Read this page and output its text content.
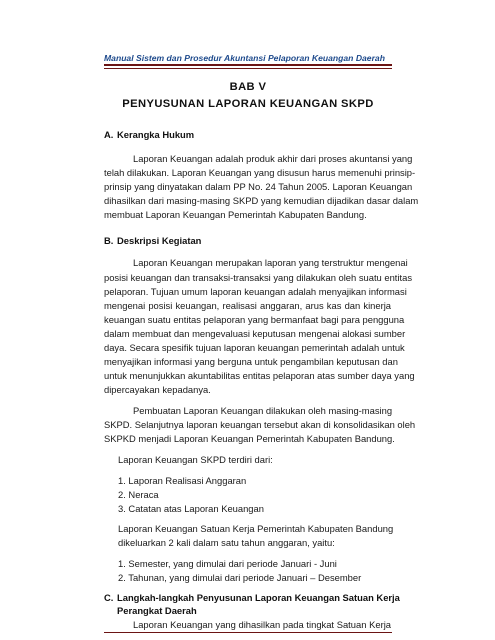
Manual Sistem dan Prosedur Akuntansi Pelaporan Keuangan Daerah
BAB V
PENYUSUNAN LAPORAN KEUANGAN SKPD
A. Kerangka Hukum
Laporan Keuangan adalah produk akhir dari proses akuntansi yang
telah dilakukan. Laporan Keuangan yang disusun harus memenuhi prinsip-
prinsip yang dinyatakan dalam PP No. 24 Tahun 2005. Laporan Keuangan
dihasilkan dari masing-masing SKPD yang kemudian dijadikan dasar dalam
membuat Laporan Keuangan Pemerintah Kabupaten Bandung.
B. Deskripsi Kegiatan
Laporan Keuangan merupakan laporan yang terstruktur mengenai
posisi keuangan dan transaksi-transaksi yang dilakukan oleh suatu entitas
pelaporan. Tujuan umum laporan keuangan adalah menyajikan informasi
mengenai posisi keuangan, realisasi anggaran, arus kas dan kinerja
keuangan suatu entitas pelaporan yang bermanfaat bagi para pengguna
dalam membuat dan mengevaluasi keputusan mengenai alokasi sumber
daya. Secara spesifik tujuan laporan keuangan pemerintah adalah untuk
menyajikan informasi yang berguna untuk pengambilan keputusan dan
untuk menunjukkan akuntabilitas entitas pelaporan atas sumber daya yang
dipercayakan kepadanya.
Pembuatan Laporan Keuangan dilakukan oleh masing-masing
SKPD. Selanjutnya laporan keuangan tersebut akan di konsolidasikan oleh
SKPKD menjadi Laporan Keuangan Pemerintah Kabupaten Bandung.
Laporan Keuangan SKPD terdiri dari:
1. Laporan Realisasi Anggaran
2. Neraca
3. Catatan atas Laporan Keuangan
Laporan Keuangan Satuan Kerja Pemerintah Kabupaten Bandung
dikeluarkan 2 kali dalam satu tahun anggaran, yaitu:
1. Semester, yang dimulai dari periode Januari - Juni
2. Tahunan, yang dimulai dari periode Januari – Desember
C. Langkah-langkah Penyusunan Laporan Keuangan Satuan Kerja
Perangkat Daerah
Laporan Keuangan yang dihasilkan pada tingkat Satuan Kerja
